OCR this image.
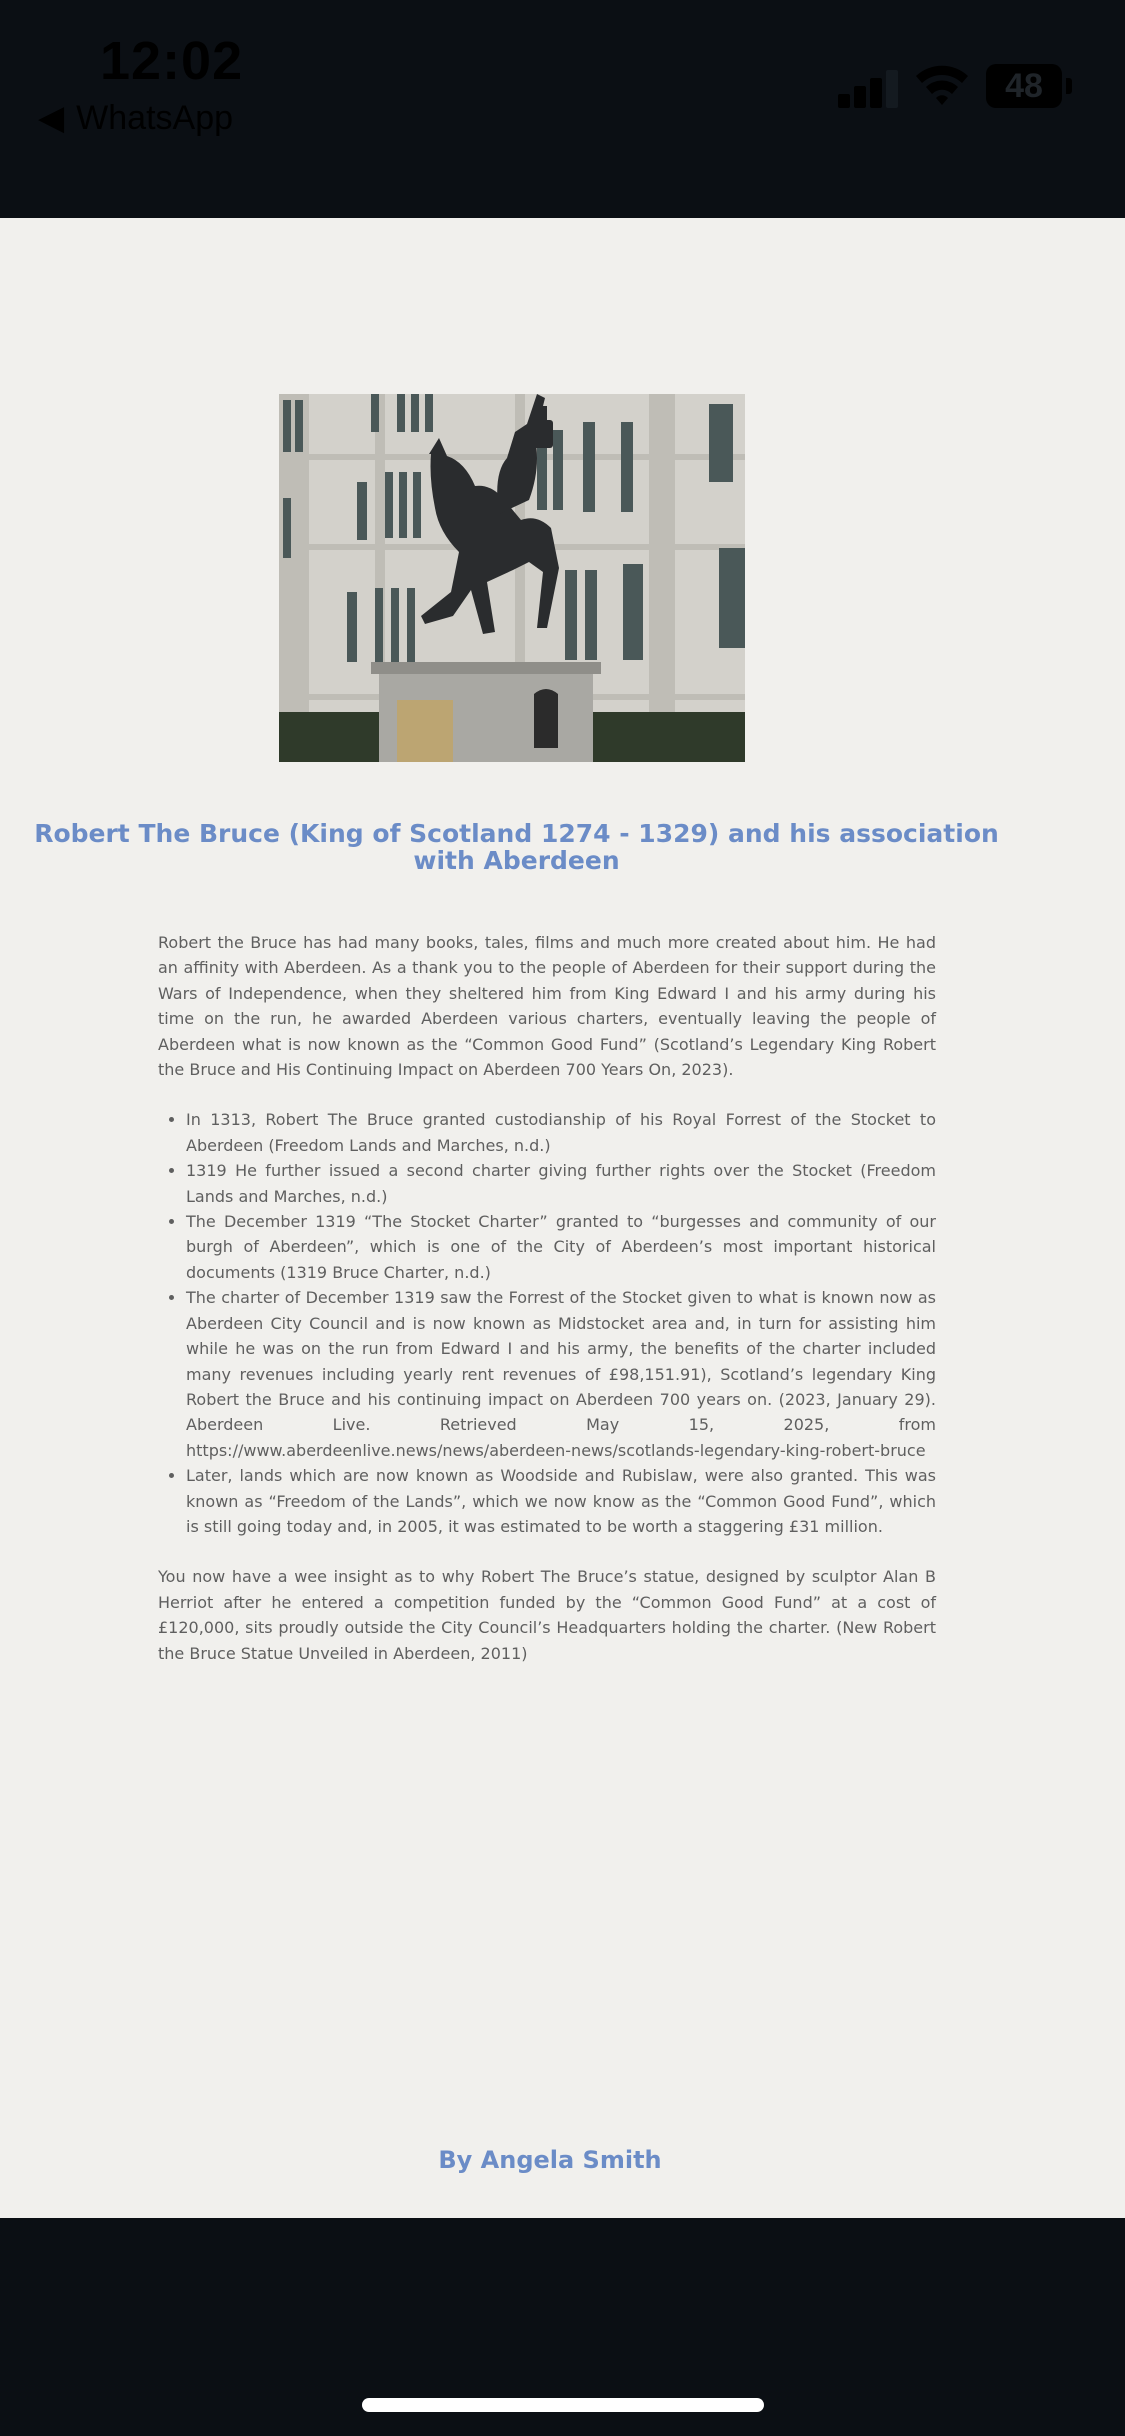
12:02
◀ WhatsApp
48
Robert The Bruce (King of Scotland 1274 - 1329) and his association with Aberdeen

Robert the Bruce has had many books, tales, films and much more created about him. He had an affinity with Aberdeen. As a thank you to the people of Aberdeen for their support during the Wars of Independence, when they sheltered him from King Edward I and his army during his time on the run, he awarded Aberdeen various charters, eventually leaving the people of Aberdeen what is now known as the “Common Good Fund” (Scotland’s Legendary King Robert the Bruce and His Continuing Impact on Aberdeen 700 Years On, 2023).

• In 1313, Robert The Bruce granted custodianship of his Royal Forrest of the Stocket to Aberdeen (Freedom Lands and Marches, n.d.)
• 1319 He further issued a second charter giving further rights over the Stocket (Freedom Lands and Marches, n.d.)
• The December 1319 “The Stocket Charter” granted to “burgesses and community of our burgh of Aberdeen”, which is one of the City of Aberdeen’s most important historical documents (1319 Bruce Charter, n.d.)
• The charter of December 1319 saw the Forrest of the Stocket given to what is known now as Aberdeen City Council and is now known as Midstocket area and, in turn for assisting him while he was on the run from Edward I and his army, the benefits of the charter included many revenues including yearly rent revenues of £98,151.91), Scotland’s legendary King Robert the Bruce and his continuing impact on Aberdeen 700 years on. (2023, January 29). Aberdeen Live. Retrieved May 15, 2025, from https://www.aberdeenlive.news/news/aberdeen-news/scotlands-legendary-king-robert-bruce
• Later, lands which are now known as Woodside and Rubislaw, were also granted. This was known as “Freedom of the Lands”, which we now know as the “Common Good Fund”, which is still going today and, in 2005, it was estimated to be worth a staggering £31 million.

You now have a wee insight as to why Robert The Bruce’s statue, designed by sculptor Alan B Herriot after he entered a competition funded by the “Common Good Fund” at a cost of £120,000, sits proudly outside the City Council’s Headquarters holding the charter. (New Robert the Bruce Statue Unveiled in Aberdeen, 2011)

By Angela Smith
